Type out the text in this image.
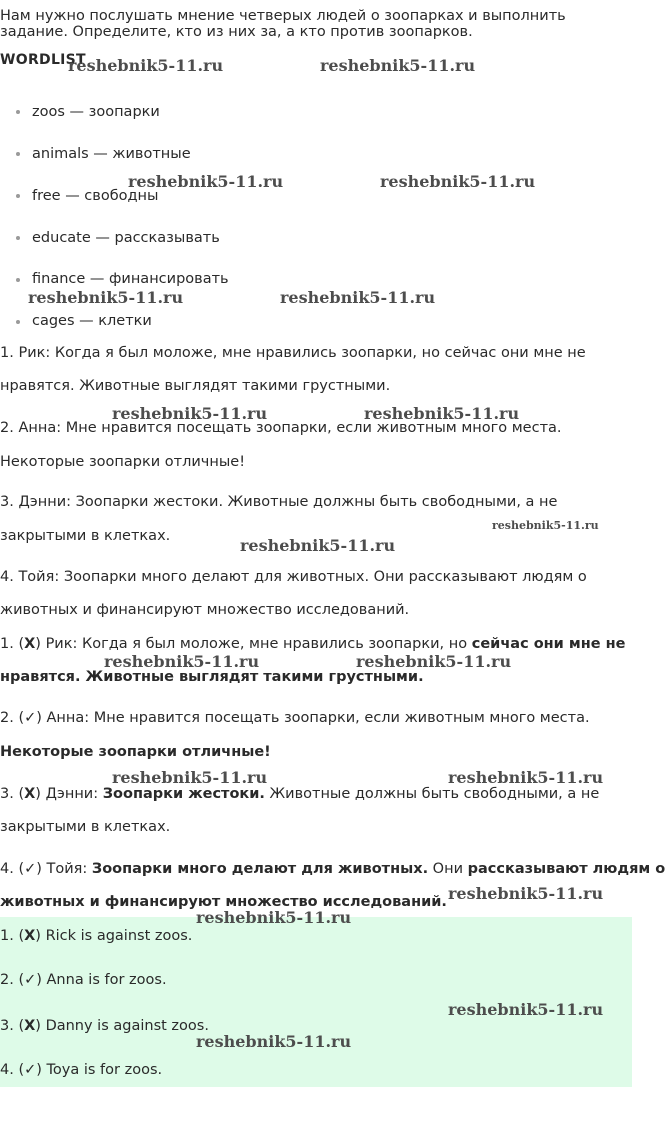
Нам нужно послушать мнение четверых людей о зоопарках и выполнить

задание. Определите, кто из них за, а кто против зоопарков.
WORDLIST
zoos — зоопарки
animals — животные
free — свободны
educate — рассказывать
finance — финансировать
cages — клетки

1. Рик: Когда я был моложе, мне нравились зоопарки, но сейчас они мне не

нравятся. Животные выглядят такими грустными.

2. Анна: Мне нравится посещать зоопарки, если животным много места.

Некоторые зоопарки отличные!

3. Дэнни: Зоопарки жестоки. Животные должны быть свободными, а не

закрытыми в клетках.

4. Тойя: Зоопарки много делают для животных. Они рассказывают людям о

животных и финансируют множество исследований.

1. (X) Рик: Когда я был моложе, мне нравились зоопарки, но сейчас они мне не

нравятся. Животные выглядят такими грустными.

2. (✓) Анна: Мне нравится посещать зоопарки, если животным много места.

Некоторые зоопарки отличные!

3. (X) Дэнни: Зоопарки жестоки. Животные должны быть свободными, а не

закрытыми в клетках.

4. (✓) Тойя: Зоопарки много делают для животных. Они рассказывают людям о

животных и финансируют множество исследований.

1. (X) Rick is against zoos.

2. (✓) Anna is for zoos.

3. (X) Danny is against zoos.

4. (✓) Toya is for zoos.

reshebnik5-11.ru	reshebnik5-11.ru
reshebnik5-11.ru	reshebnik5-11.ru
reshebnik5-11.ru	reshebnik5-11.ru
reshebnik5-11.ru	reshebnik5-11.ru
reshebnik5-11.ru
reshebnik5-11.ru
reshebnik5-11.ru	reshebnik5-11.ru
reshebnik5-11.ru	reshebnik5-11.ru
reshebnik5-11.ru
reshebnik5-11.ru
reshebnik5-11.ru
reshebnik5-11.ru
